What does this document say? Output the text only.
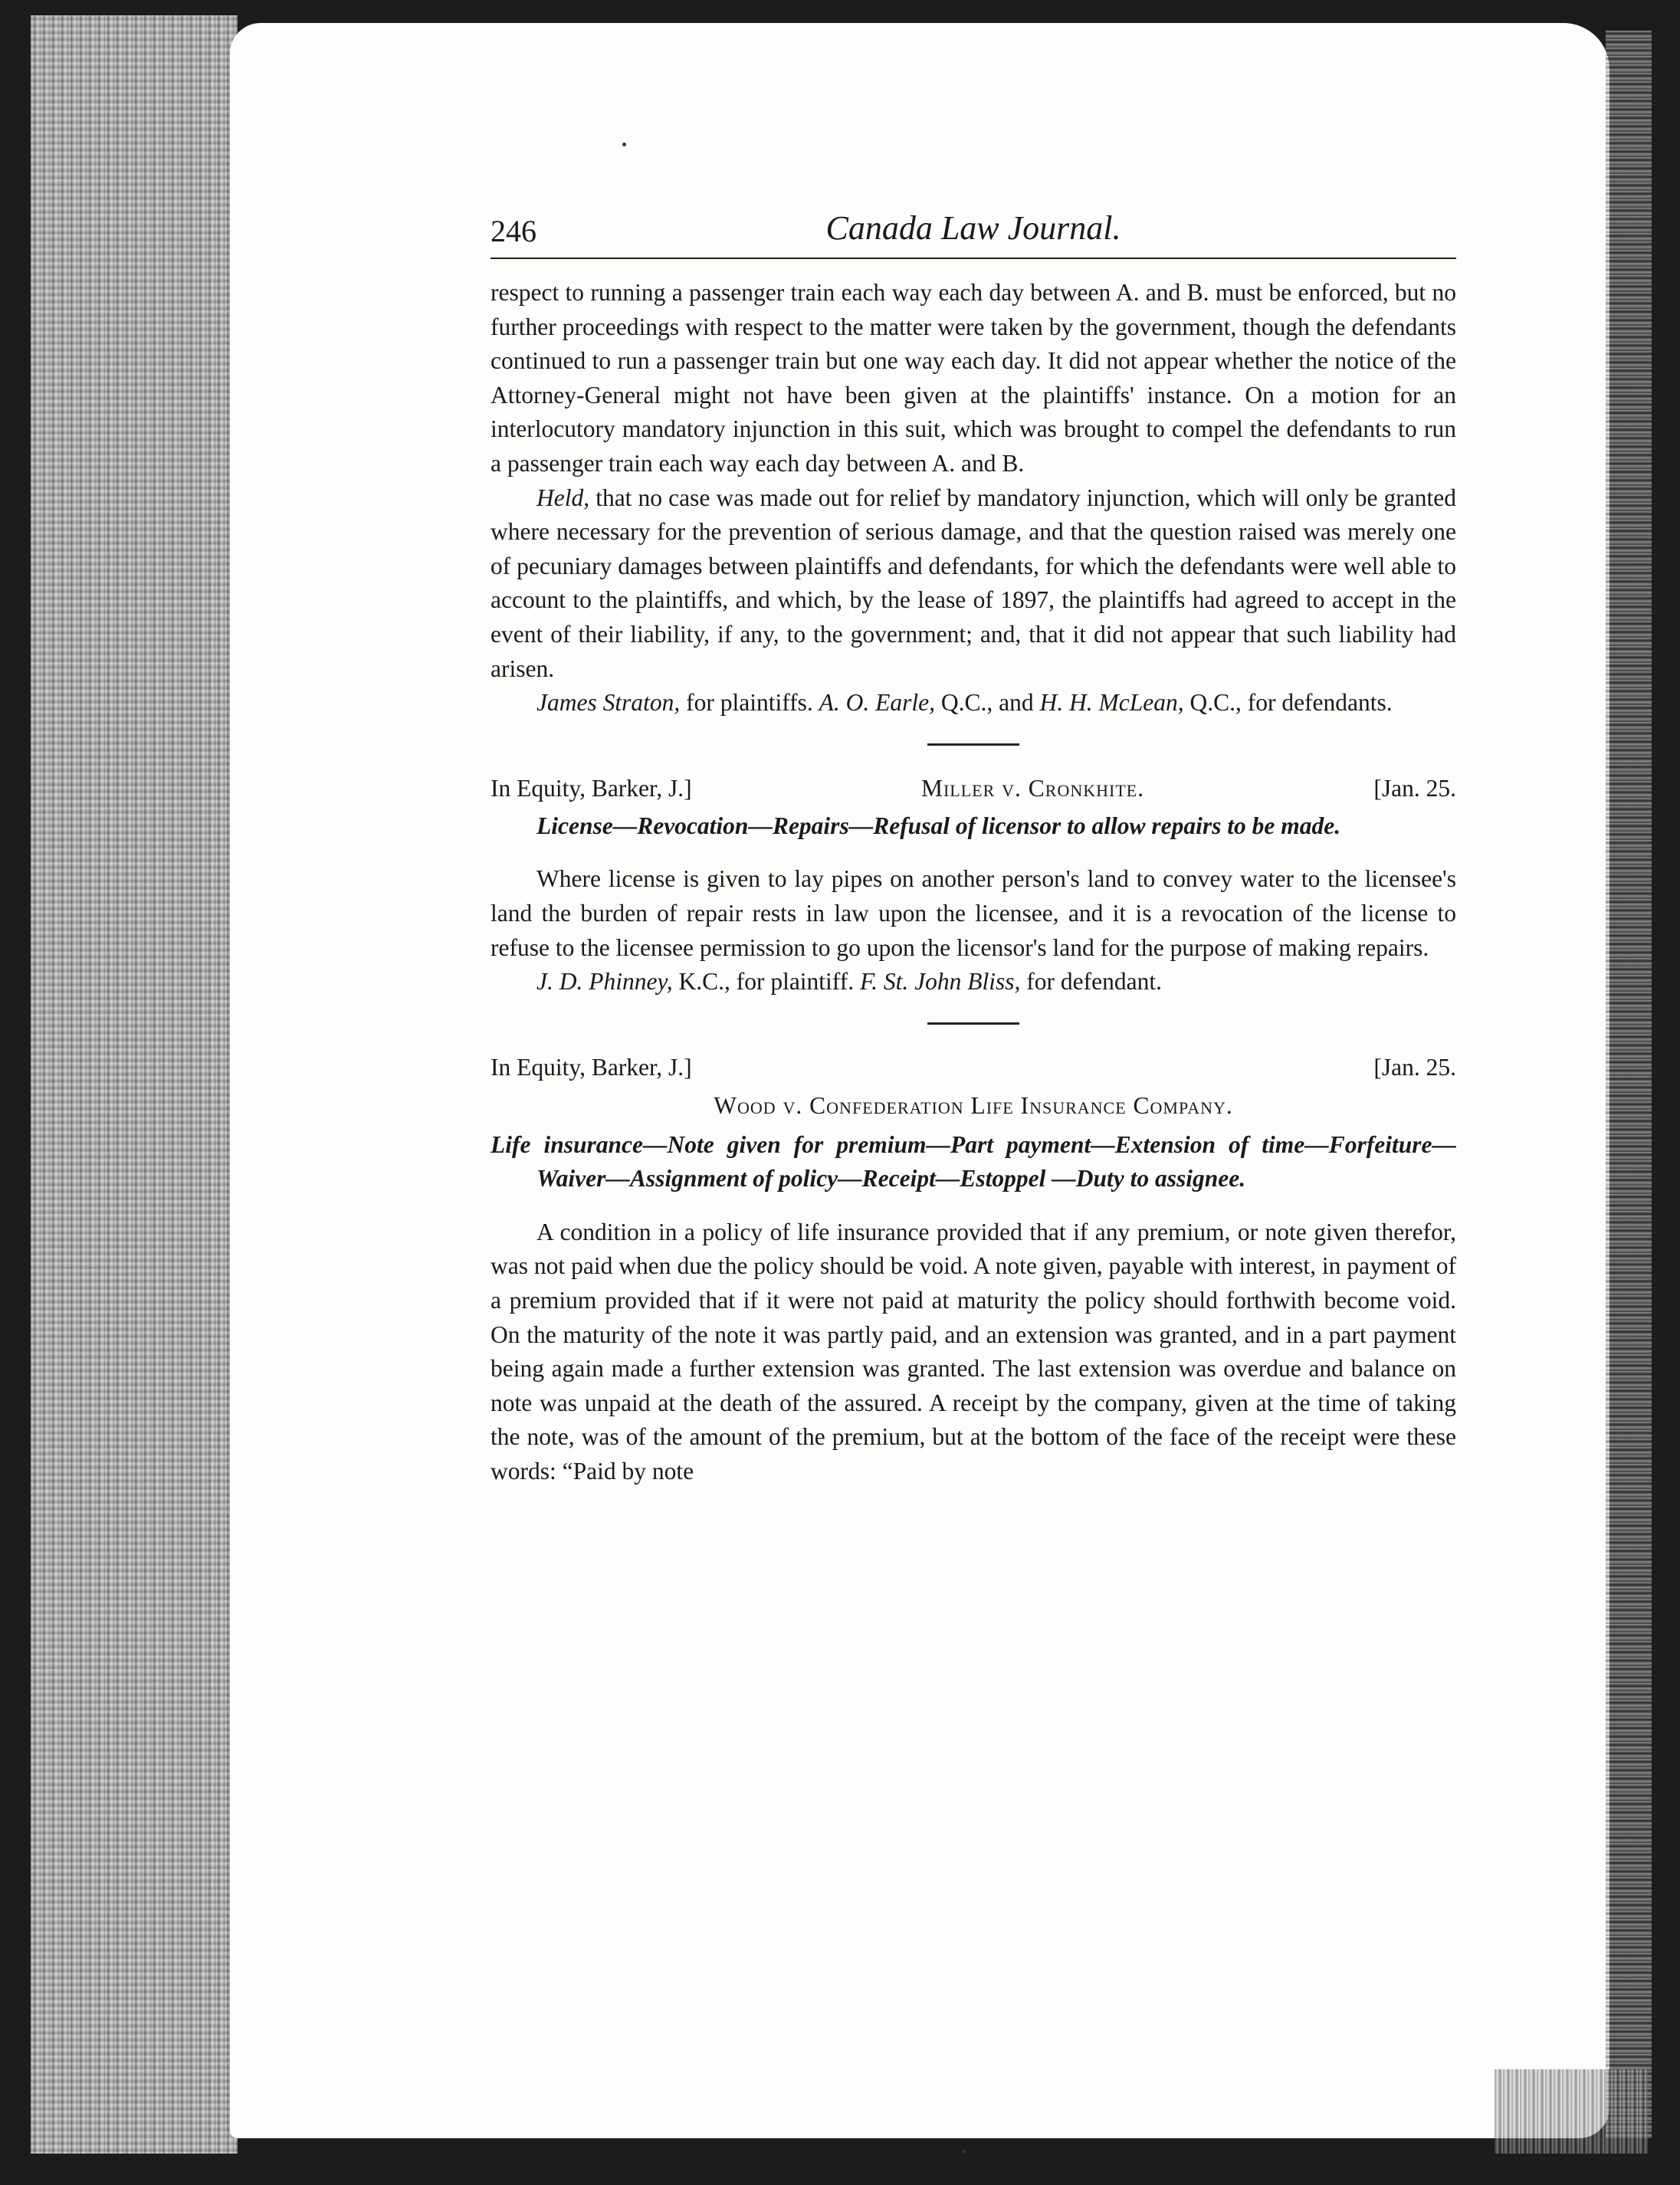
246	Canada Law Journal.

respect to running a passenger train each way each day between A. and B. must be enforced, but no further proceedings with respect to the matter were taken by the government, though the defendants continued to run a passenger train but one way each day. It did not appear whether the notice of the Attorney-General might not have been given at the plaintiffs' instance. On a motion for an interlocutory mandatory injunction in this suit, which was brought to compel the defendants to run a passenger train each way each day between A. and B.

Held, that no case was made out for relief by mandatory injunction, which will only be granted where necessary for the prevention of serious damage, and that the question raised was merely one of pecuniary damages between plaintiffs and defendants, for which the defendants were well able to account to the plaintiffs, and which, by the lease of 1897, the plaintiffs had agreed to accept in the event of their liability, if any, to the government; and, that it did not appear that such liability had arisen.

James Straton, for plaintiffs. A. O. Earle, Q.C., and H. H. McLean, Q.C., for defendants.

In Equity, Barker, J.]	Miller v. Cronkhite.	[Jan. 25.

License—Revocation—Repairs—Refusal of licensor to allow repairs to be made.

Where license is given to lay pipes on another person's land to convey water to the licensee's land the burden of repair rests in law upon the licensee, and it is a revocation of the license to refuse to the licensee permission to go upon the licensor's land for the purpose of making repairs.

J. D. Phinney, K.C., for plaintiff. F. St. John Bliss, for defendant.

In Equity, Barker, J.]	[Jan. 25.
Wood v. Confederation Life Insurance Company.

Life insurance—Note given for premium—Part payment—Extension of time—Forfeiture—Waiver—Assignment of policy—Receipt—Estoppel —Duty to assignee.

A condition in a policy of life insurance provided that if any premium, or note given therefor, was not paid when due the policy should be void. A note given, payable with interest, in payment of a premium provided that if it were not paid at maturity the policy should forthwith become void. On the maturity of the note it was partly paid, and an extension was granted, and in a part payment being again made a further extension was granted. The last extension was overdue and balance on note was unpaid at the death of the assured. A receipt by the company, given at the time of taking the note, was of the amount of the premium, but at the bottom of the face of the receipt were these words: “Paid by note
